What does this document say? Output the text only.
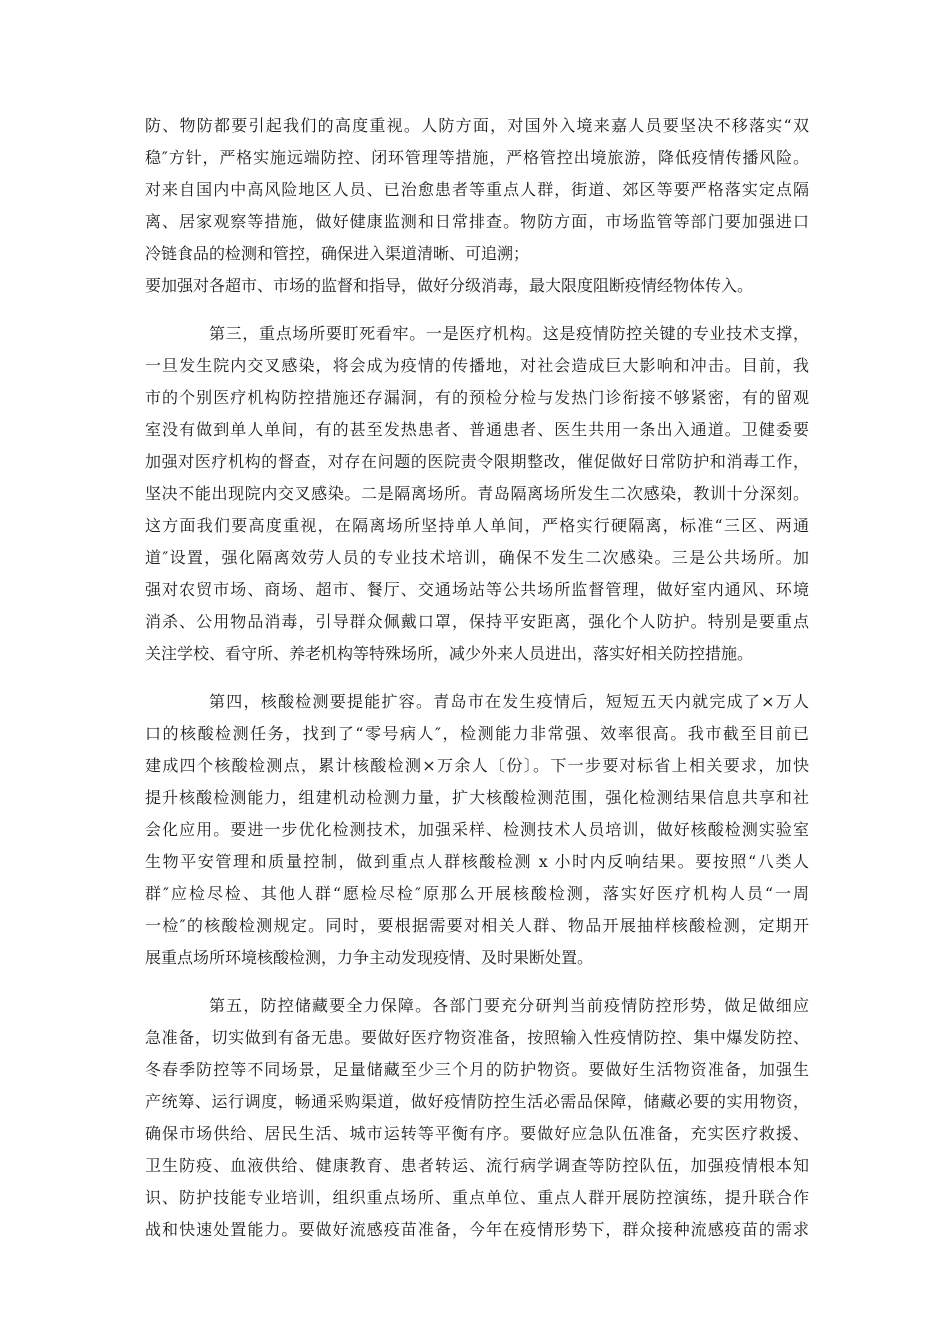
防、物防都要引起我们的高度重视。人防方面，对国外入境来嘉人员要坚决不移落实“双
稳″方针，严格实施远端防控、闭环管理等措施，严格管控出境旅游，降低疫情传播风险。
对来自国内中高风险地区人员、已治愈患者等重点人群，街道、郊区等要严格落实定点隔
离、居家观察等措施，做好健康监测和日常排查。物防方面，市场监管等部门要加强进口
冷链食品的检测和管控，确保进入渠道清晰、可追溯；
要加强对各超市、市场的监督和指导，做好分级消毒，最大限度阻断疫情经物体传入。
第三，重点场所要盯死看牢。一是医疗机构。这是疫情防控关键的专业技术支撑，
一旦发生院内交叉感染，将会成为疫情的传播地，对社会造成巨大影响和冲击。目前，我
市的个别医疗机构防控措施还存漏洞，有的预检分检与发热门诊衔接不够紧密，有的留观
室没有做到单人单间，有的甚至发热患者、普通患者、医生共用一条出入通道。卫健委要
加强对医疗机构的督查，对存在问题的医院责令限期整改，催促做好日常防护和消毒工作，
坚决不能出现院内交叉感染。二是隔离场所。青岛隔离场所发生二次感染，教训十分深刻。
这方面我们要高度重视，在隔离场所坚持单人单间，严格实行硬隔离，标准“三区、两通
道″设置，强化隔离效劳人员的专业技术培训，确保不发生二次感染。三是公共场所。加
强对农贸市场、商场、超市、餐厅、交通场站等公共场所监督管理，做好室内通风、环境
消杀、公用物品消毒，引导群众佩戴口罩，保持平安距离，强化个人防护。特别是要重点
关注学校、看守所、养老机构等特殊场所，减少外来人员进出，落实好相关防控措施。
第四，核酸检测要提能扩容。青岛市在发生疫情后，短短五天内就完成了×万人
口的核酸检测任务，找到了“零号病人″，检测能力非常强、效率很高。我市截至目前已
建成四个核酸检测点，累计核酸检测×万余人〔份〕。下一步要对标省上相关要求，加快
提升核酸检测能力，组建机动检测力量，扩大核酸检测范围，强化检测结果信息共享和社
会化应用。要进一步优化检测技术，加强采样、检测技术人员培训，做好核酸检测实验室
生物平安管理和质量控制，做到重点人群核酸检测 x 小时内反响结果。要按照“八类人
群″应检尽检、其他人群“愿检尽检″原那么开展核酸检测，落实好医疗机构人员“一周
一检″的核酸检测规定。同时，要根据需要对相关人群、物品开展抽样核酸检测，定期开
展重点场所环境核酸检测，力争主动发现疫情、及时果断处置。
第五，防控储藏要全力保障。各部门要充分研判当前疫情防控形势，做足做细应
急准备，切实做到有备无患。要做好医疗物资准备，按照输入性疫情防控、集中爆发防控、
冬春季防控等不同场景，足量储藏至少三个月的防护物资。要做好生活物资准备，加强生
产统筹、运行调度，畅通采购渠道，做好疫情防控生活必需品保障，储藏必要的实用物资，
确保市场供给、居民生活、城市运转等平衡有序。要做好应急队伍准备，充实医疗救援、
卫生防疫、血液供给、健康教育、患者转运、流行病学调查等防控队伍，加强疫情根本知
识、防护技能专业培训，组织重点场所、重点单位、重点人群开展防控演练，提升联合作
战和快速处置能力。要做好流感疫苗准备，今年在疫情形势下，群众接种流感疫苗的需求
